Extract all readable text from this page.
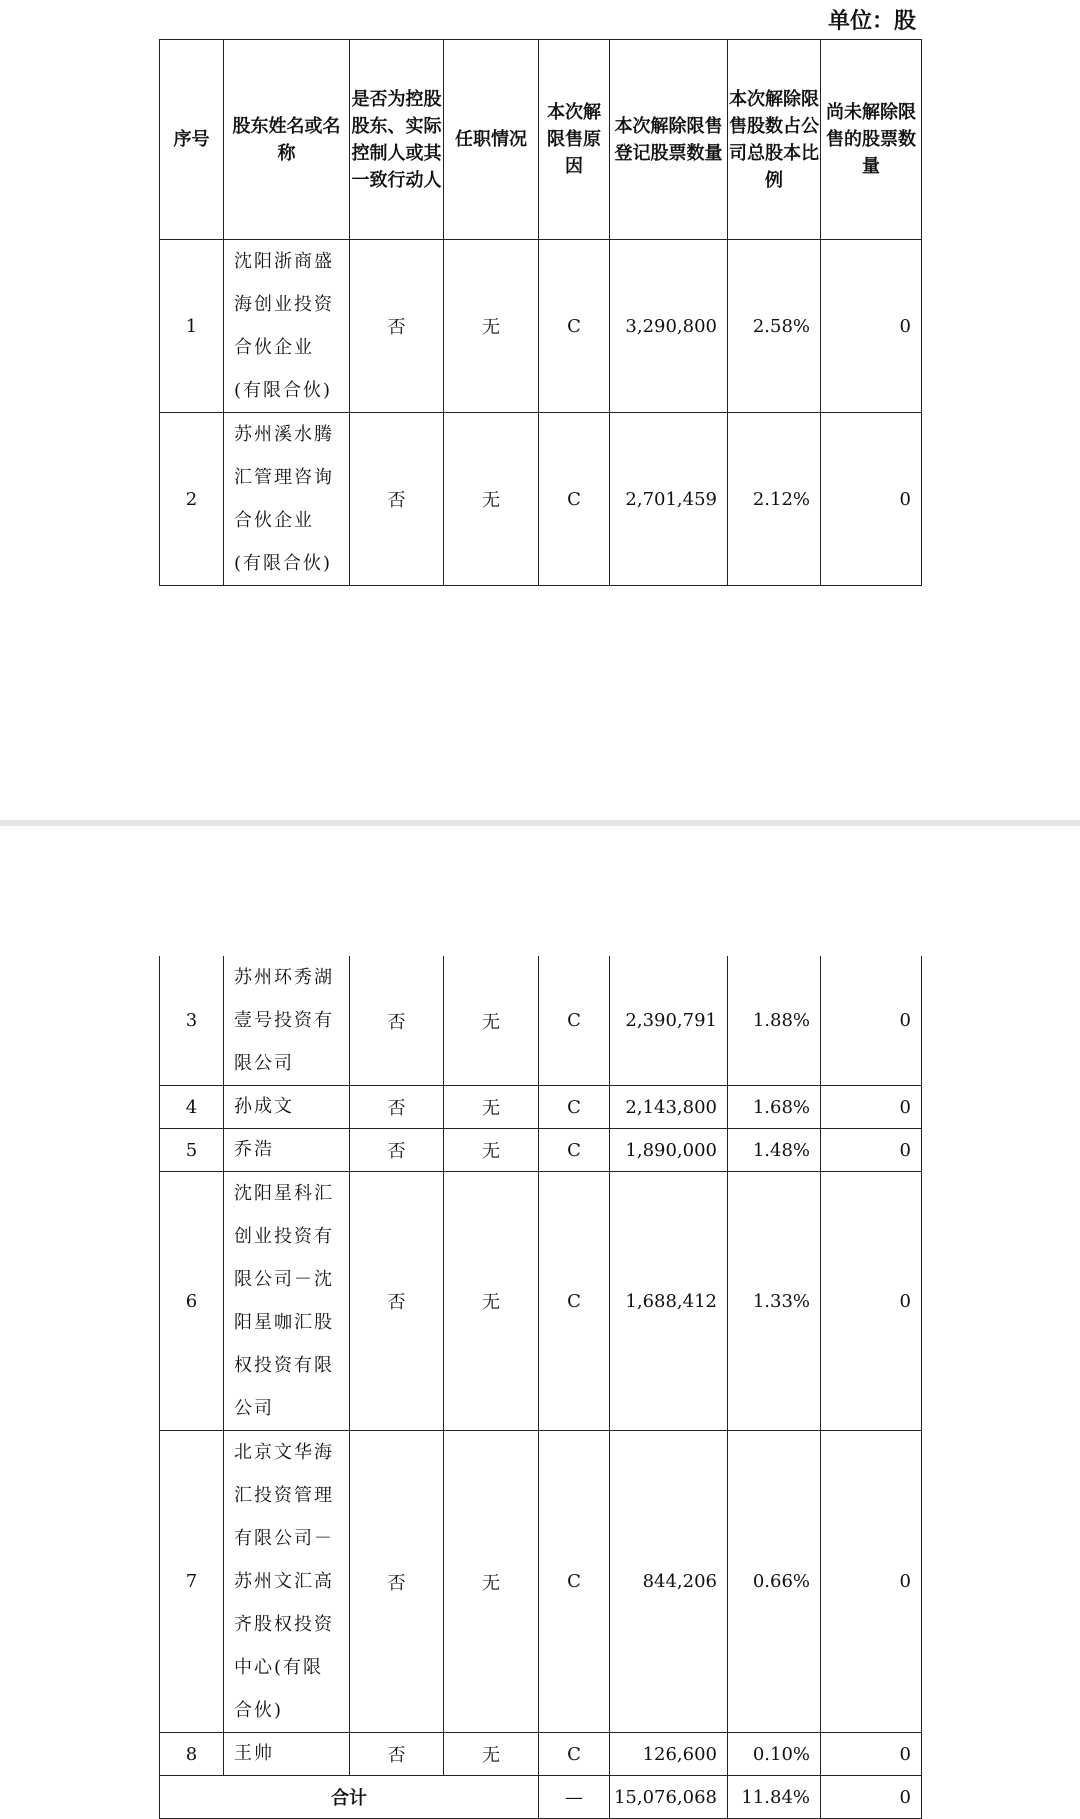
单位：股
序号	股东姓名或名称	是否为控股股东、实际控制人或其一致行动人	任职情况	本次解限售原因	本次解除限售登记股票数量	本次解除限售股数占公司总股本比例	尚未解除限售的股票数量
1	沈阳浙商盛海创业投资合伙企业(有限合伙)	否	无	C	3,290,800	2.58%	0
2	苏州溪水腾汇管理咨询合伙企业(有限合伙)	否	无	C	2,701,459	2.12%	0
3	苏州环秀湖壹号投资有限公司	否	无	C	2,390,791	1.88%	0
4	孙成文	否	无	C	2,143,800	1.68%	0
5	乔浩	否	无	C	1,890,000	1.48%	0
6	沈阳星科汇创业投资有限公司－沈阳星咖汇股权投资有限公司	否	无	C	1,688,412	1.33%	0
7	北京文华海汇投资管理有限公司－苏州文汇高齐股权投资中心(有限合伙)	否	无	C	844,206	0.66%	0
8	王帅	否	无	C	126,600	0.10%	0
合计				—	15,076,068	11.84%	0
